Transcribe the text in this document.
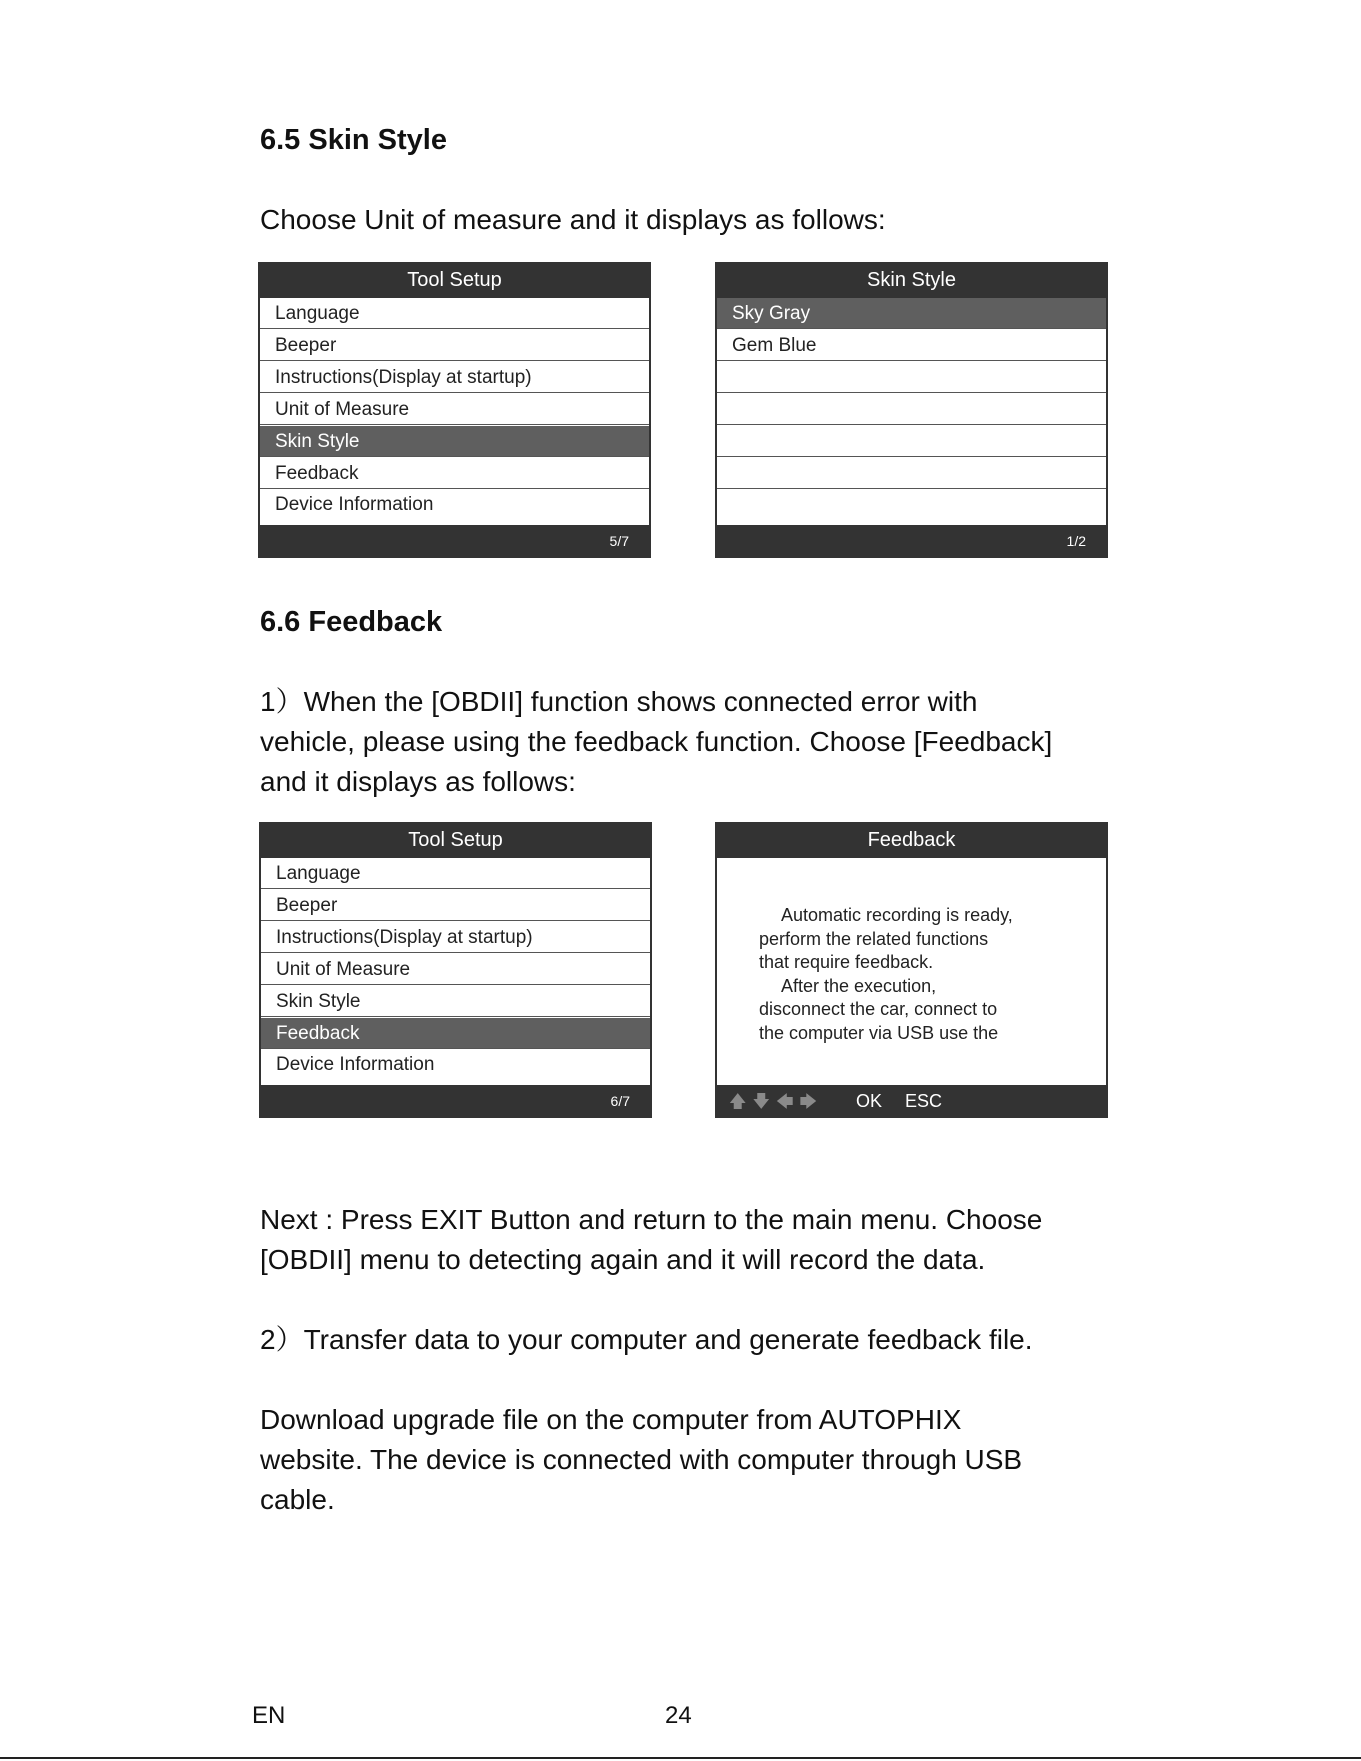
6.5 Skin Style

Choose Unit of measure and it displays as follows:

Tool Setup
Language
Beeper
Instructions(Display at startup)
Unit of Measure
Skin Style
Feedback
Device Information
5/7
Skin Style
Sky Gray
Gem Blue
1/2
6.6 Feedback

1）When the [OBDII] function shows connected error with

vehicle, please using the feedback function. Choose [Feedback]

and it displays as follows:

Tool Setup
Language
Beeper
Instructions(Display at startup)
Unit of Measure
Skin Style
Feedback
Device Information
6/7
Feedback
Automatic recording is ready,
perform the related functions
that require feedback.
After the execution,
disconnect the car, connect to
the computer via USB use the
🡅 🡇 🡄 🡆 OK ESC

Next : Press EXIT Button and return to the main menu. Choose

[OBDII] menu to detecting again and it will record the data.

2）Transfer data to your computer and generate feedback file.

Download upgrade file on the computer from AUTOPHIX

website. The device is connected with computer through USB

cable.

EN	24
